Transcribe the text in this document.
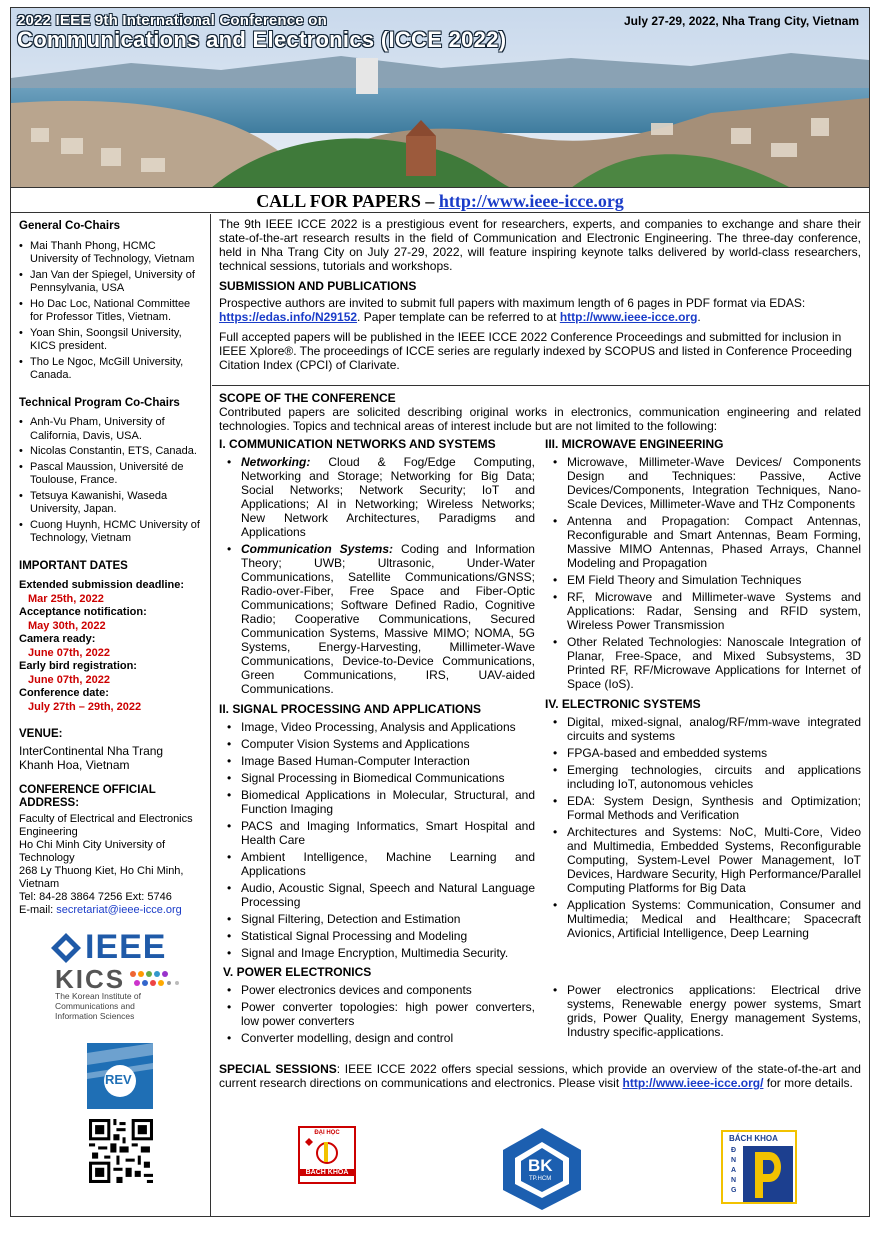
2022 IEEE 9th International Conference on
Communications and Electronics (ICCE 2022)
July 27-29, 2022, Nha Trang City, Vietnam
CALL FOR PAPERS – http://www.ieee-icce.org
General Co-Chairs
• Mai Thanh Phong, HCMC University of Technology, Vietnam
• Jan Van der Spiegel, University of Pennsylvania, USA
• Ho Dac Loc, National Committee for Professor Titles, Vietnam.
• Yoan Shin, Soongsil University, KICS president.
• Tho Le Ngoc, McGill University, Canada.
Technical Program Co-Chairs
• Anh-Vu Pham, University of California, Davis, USA.
• Nicolas Constantin, ETS, Canada.
• Pascal Maussion, Université de Toulouse, France.
• Tetsuya Kawanishi, Waseda University, Japan.
• Cuong Huynh, HCMC University of Technology, Vietnam
IMPORTANT DATES
Extended submission deadline:
Mar 25th, 2022
Acceptance notification:
May 30th, 2022
Camera ready:
June 07th, 2022
Early bird registration:
June 07th, 2022
Conference date:
July 27th – 29th, 2022
VENUE:
InterContinental Nha Trang
Khanh Hoa, Vietnam
CONFERENCE OFFICIAL ADDRESS:
Faculty of Electrical and Electronics Engineering
Ho Chi Minh City University of Technology
268 Ly Thuong Kiet, Ho Chi Minh, Vietnam
Tel: 84-28 3864 7256 Ext: 5746
E-mail: secretariat@ieee-icce.org
IEEE
KICS
The Korean Institute of Communications and Information Sciences
REV

The 9th IEEE ICCE 2022 is a prestigious event for researchers, experts, and companies to exchange and share their state-of-the-art research results in the field of Communication and Electronic Engineering. The three-day conference, held in Nha Trang City on July 27-29, 2022, will feature inspiring keynote talks delivered by world-class researchers, technical sessions, tutorials and workshops.

SUBMISSION AND PUBLICATIONS

Prospective authors are invited to submit full papers with maximum length of 6 pages in PDF format via EDAS: https://edas.info/N29152. Paper template can be referred to at http://www.ieee-icce.org.

Full accepted papers will be published in the IEEE ICCE 2022 Conference Proceedings and submitted for inclusion in IEEE Xplore®. The proceedings of ICCE series are regularly indexed by SCOPUS and listed in Conference Proceeding Citation Index (CPCI) of Clarivate.

SCOPE OF THE CONFERENCE

Contributed papers are solicited describing original works in electronics, communication engineering and related technologies. Topics and technical areas of interest include but are not limited to the following:

I. COMMUNICATION NETWORKS AND SYSTEMS
• Networking: Cloud & Fog/Edge Computing, Networking and Storage; Networking for Big Data; Social Networks; Network Security; IoT and Applications; AI in Networking; Wireless Networks; New Network Architectures, Paradigms and Applications
• Communication Systems: Coding and Information Theory; UWB; Ultrasonic, Under-Water Communications, Satellite Communications/GNSS; Radio-over-Fiber, Free Space and Fiber-Optic Communications; Software Defined Radio, Cognitive Radio; Cooperative Communications, Secured Communication Systems, Massive MIMO; NOMA, 5G Systems, Energy-Harvesting, Millimeter-Wave Communications, Device-to-Device Communications, Green Communications, IRS, UAV-aided Communications.
II. SIGNAL PROCESSING AND APPLICATIONS
• Image, Video Processing, Analysis and Applications
• Computer Vision Systems and Applications
• Image Based Human-Computer Interaction
• Signal Processing in Biomedical Communications
• Biomedical Applications in Molecular, Structural, and Function Imaging
• PACS and Imaging Informatics, Smart Hospital and Health Care
• Ambient Intelligence, Machine Learning and Applications
• Audio, Acoustic Signal, Speech and Natural Language Processing
• Signal Filtering, Detection and Estimation
• Statistical Signal Processing and Modeling
• Signal and Image Encryption, Multimedia Security.
III. MICROWAVE ENGINEERING
• Microwave, Millimeter-Wave Devices/ Components Design and Techniques: Passive, Active Devices/Components, Integration Techniques, Nano-Scale Devices, Millimeter-Wave and THz Components
• Antenna and Propagation: Compact Antennas, Reconfigurable and Smart Antennas, Beam Forming, Massive MIMO Antennas, Phased Arrays, Channel Modeling and Propagation
• EM Field Theory and Simulation Techniques
• RF, Microwave and Millimeter-wave Systems and Applications: Radar, Sensing and RFID system, Wireless Power Transmission
• Other Related Technologies: Nanoscale Integration of Planar, Free-Space, and Mixed Subsystems, 3D Printed RF, RF/Microwave Applications for Internet of Space (IoS).
IV. ELECTRONIC SYSTEMS
• Digital, mixed-signal, analog/RF/mm-wave integrated circuits and systems
• FPGA-based and embedded systems
• Emerging technologies, circuits and applications including IoT, autonomous vehicles
• EDA: System Design, Synthesis and Optimization; Formal Methods and Verification
• Architectures and Systems: NoC, Multi-Core, Video and Multimedia, Embedded Systems, Reconfigurable Computing, System-Level Power Management, IoT Devices, Hardware Security, High Performance/Parallel Computing Platforms for Big Data
• Application Systems: Communication, Consumer and Multimedia; Medical and Healthcare; Spacecraft Avionics, Artificial Intelligence, Deep Learning
V. POWER ELECTRONICS
• Power electronics devices and components
• Power converter topologies: high power converters, low power converters
• Converter modelling, design and control
• Power electronics applications: Electrical drive systems, Renewable energy power systems, Smart grids, Power Quality, Energy management Systems, Industry specific-applications.

SPECIAL SESSIONS: IEEE ICCE 2022 offers special sessions, which provide an overview of the state-of-the-art and current research directions on communications and electronics. Please visit http://www.ieee-icce.org/ for more details.

ĐẠI HỌC
BÁCH KHOA	BK
TP.HCM
BÁCH KHOA
Đ
N
A
N
G
